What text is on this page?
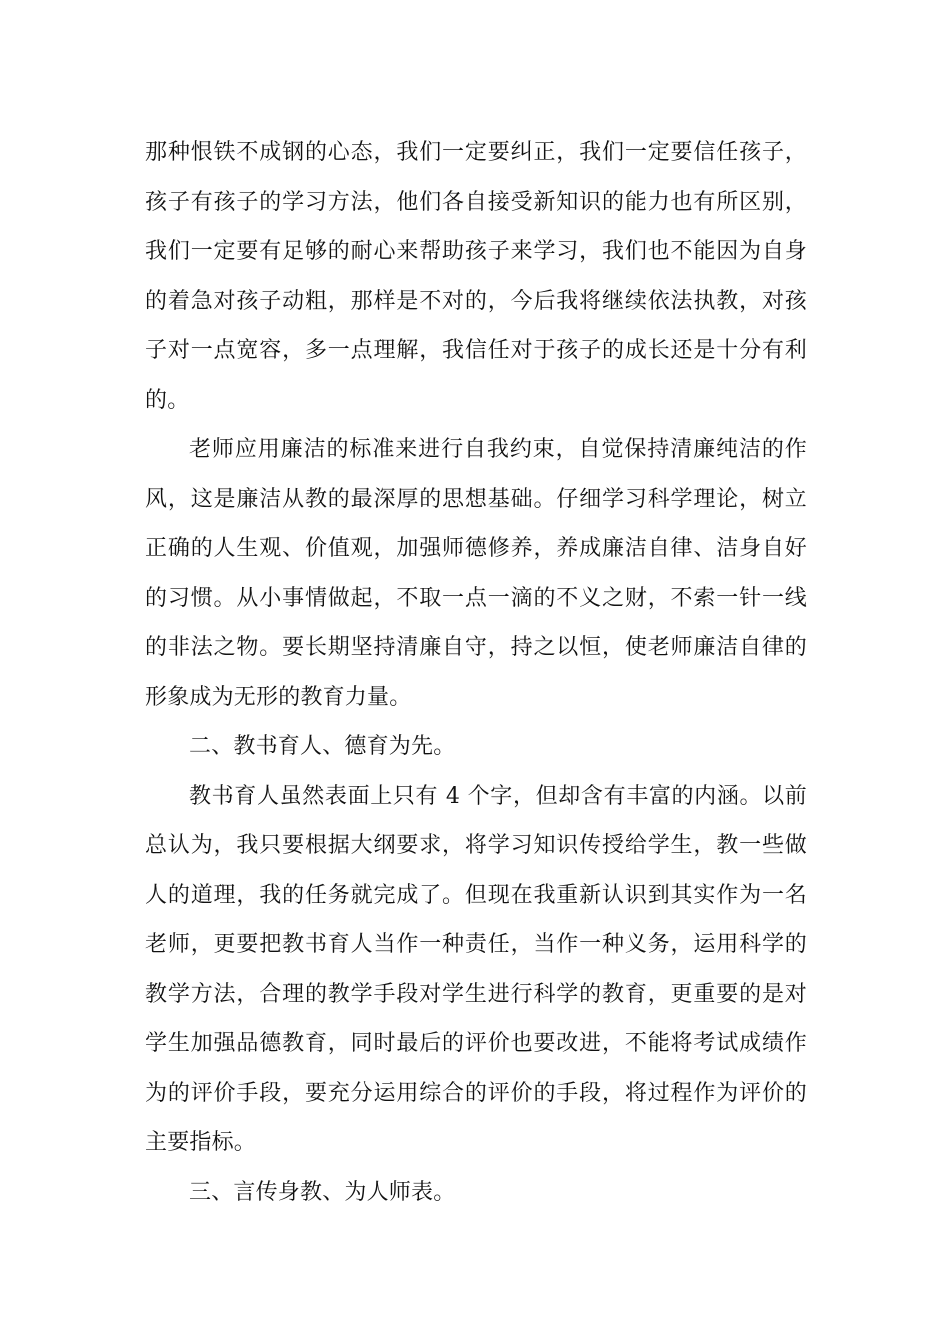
那种恨铁不成钢的心态，我们一定要纠正，我们一定要信任孩子，
孩子有孩子的学习方法，他们各自接受新知识的能力也有所区别，
我们一定要有足够的耐心来帮助孩子来学习，我们也不能因为自身
的着急对孩子动粗，那样是不对的，今后我将继续依法执教，对孩
子对一点宽容，多一点理解，我信任对于孩子的成长还是十分有利
的。
老师应用廉洁的标准来进行自我约束，自觉保持清廉纯洁的作
风，这是廉洁从教的最深厚的思想基础。仔细学习科学理论，树立
正确的人生观、价值观，加强师德修养，养成廉洁自律、洁身自好
的习惯。从小事情做起，不取一点一滴的不义之财，不索一针一线
的非法之物。要长期坚持清廉自守，持之以恒，使老师廉洁自律的
形象成为无形的教育力量。
二、教书育人、德育为先。
教书育人虽然表面上只有 4 个字，但却含有丰富的内涵。以前
总认为，我只要根据大纲要求，将学习知识传授给学生，教一些做
人的道理，我的任务就完成了。但现在我重新认识到其实作为一名
老师，更要把教书育人当作一种责任，当作一种义务，运用科学的
教学方法，合理的教学手段对学生进行科学的教育，更重要的是对
学生加强品德教育，同时最后的评价也要改进，不能将考试成绩作
为的评价手段，要充分运用综合的评价的手段，将过程作为评价的
主要指标。
三、言传身教、为人师表。
